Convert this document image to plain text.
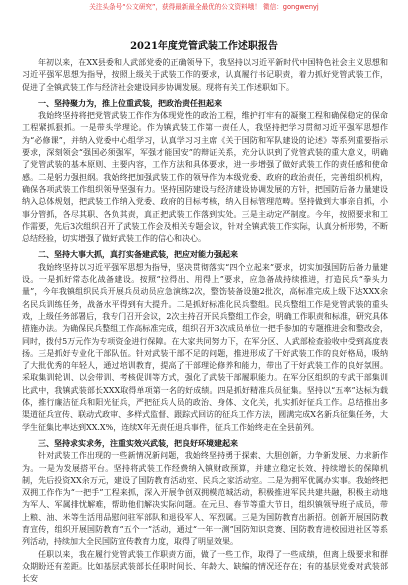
关注头条号“公文研究”，获得最新最全最优的公文资料哦！ 微信：gongwenyj
2021年度党管武装工作述职报告

年初以来，在XX县委和人武部党委的正确领导下，我坚持以习近平新时代中国特色社会主义思想和习近平强军思想为指导，按照上级关于武装工作的要求，认真履行书记职责，着力抓好党管武装工作，促进了全镇武装工作与经济社会建设同步协调发展。现将有关工作述职如下。

一、坚持聚力为，推上位重武装，把政治责任担起来

我始终坚持将把党管武装工作作为体现党性的政治工程，维护打牢有的凝聚工程和确保稳定的保命工程紧抓狠抓。一是带头学理论。作为镇武装工作第一责任人，我坚持把学习贯彻习近平强军思想作为“必修课”，并纳入党委中心组学习，认真学习习主席《关于国防和军队建设的论述》等系列重要指示要求，深刻领会“强国必须强军，军强才能国安”的辩证关系，充分认识到了党管武装的重大意义，明确了党管武装的基本原则、主要内容，工作方法和具体要求，进一步增强了做好武装工作的责任感和使命感。二是躬力强担纲。我始终把加强武装工作的领导作为本级党委、政府的政治责任，完善组织机构，确保各项武装工作组织领导坚强有力。坚持国防建设与经济建设协调发展的方针，把国防后备力量建设纳入总体规划，把武装工作纳入党委、政府的目标考核，纳入目标管理范畴。坚持做到大事亲自抓，小事分管抓，各尽其职、各负其责，真正把武装工作落到实处。三是主动定严制度。今年，按照要求和工作需要，先后3次组织召开了武装工作会及相关专题会议，针对全镇武装工作实际，认真分析形势，不断总结经验，切实增强了做好武装工作的信心和决心。

二、坚持大事大抓，真打实备建武装，把应对能力强起来

我始终坚持以习近平强军思想为指导，坚决贯彻落实“四个立起来”要求，切实加强国防后备力量建设。一是抓好常态化战备建设。按照“拉得出、用得上”要求，应急备战持续推进，打造民兵“拳头力量”，今年我镇组织民兵开展兵员动员应急演练2次，整饬装备设施2批次，高标准完成上级下达XXX余名民兵训练任务，战备水平得到有大提升。二是抓好标准化民兵整组。民兵整组工作是党管武装的重头戏，上级任务部署后，我专门召开会议，2次主持召开民兵整组工作会，明确工作职责和标准，研究具体措施办法。为确保民兵整组工作高标准完成，组织召开3次成员单位一把手参加的专题推进会和整改会，同时，拨付5万元作为专项资金进行保障。在大家共同努力下，在军分区、人武部检查验收中受到高度表扬。三是抓好专业化干部队伍。针对武装干部不足的问题，推进形成了干好武装工作的良好格局，吸纳了大批优秀的年轻人，通过培训教育，提高了干部理论修养和能力，带出了干好武装工作的良好氛围。采取集训轮训、以会带训、考核促训等方式，强化了武装干部履职能力。在军分区组织的专武干部集训比武中，我镇武装部长XXX取得单项第一名的好成绩。四是抓好精准兵员征集。坚持以“五率”达标为载体，推行廉洁征兵和阳光征兵，严把征兵人员的政治、身体、文化关，扎实抓好征兵工作。总结推出多渠道征兵宣传、联动式政审、多样式监督、跟踪式回访的征兵工作方法，圆满完成X名新兵征集任务，大学生征集比率达到XX.X%，连续X年无责任退兵事件，征兵工作始终走在全县前列。

三、坚持求实求务，注重实效兴武装，把良好环境建起来

针对武装工作出现的一些新情况新问题，我始终坚持勇于探索、大胆创新，力争新发展、力求新作为。一是为发展搭平台。坚持将武装工作经费纳入镇财政预算，并建立稳定长效、持续增长的保障机制，先后投资XX余万元，建设了国防教育活动室、民兵之家活动室。二是为拥军优属办实事。我始终把双拥工作作为“一把手”工程来抓，深入开展争创双拥模范城活动，积极推进军民共建共融，积极主动地为军人、军属排忧解难，帮助他们解决实际问题。在元旦、春节等重大节日，组织镇领导班子成员，带上粮、油、米等生活用品慰问驻军部队和退役军人、军烈属。三是为国防教育出新招。创新开展国防教育宣传，组织开展国防教育“五个一”活动，通过“一年一测”国防知识竞赛、国防教育进校园进社区等系列活动，持续加大全民国防宣传教育力度，取得了明显效果。

任职以来，我在履行党管武装工作职责方面，做了一些工作，取得了一些成绩，但离上级要求和群众期盼还有差距。比如基层武装部长任职时间长、年龄大、缺编的情况还存在；有的基层党委对武装部长安
